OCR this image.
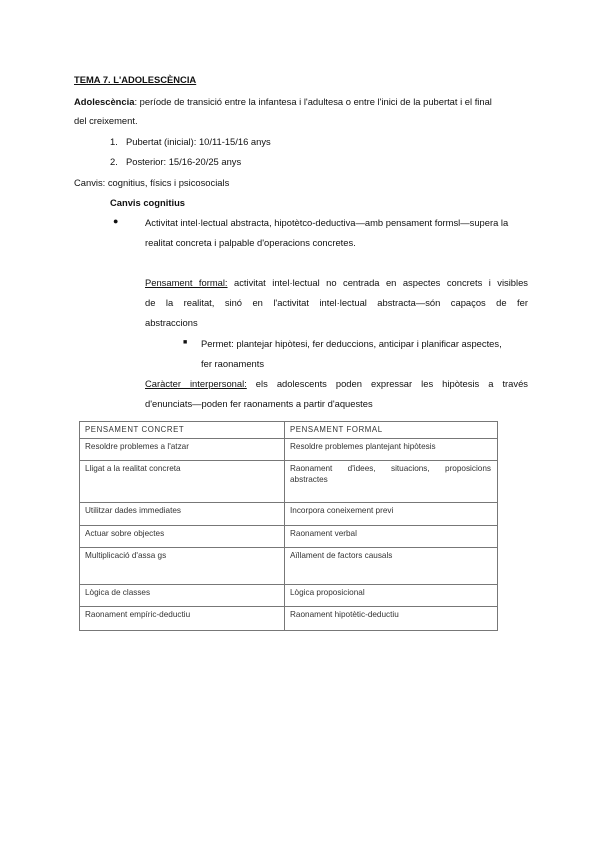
TEMA 7. L'ADOLESCÈNCIA
Adolescència: període de transició entre la infantesa i l'adultesa o entre l'inici de la pubertat i el final
del creixement.
1. Pubertat (inicial): 10/11-15/16 anys
2. Posterior: 15/16-20/25 anys
Canvis: cognitius, físics i psicosocials
Canvis cognitius
●	Activitat intel·lectual abstracta, hipotètco-deductiva—amb pensament formsl—supera la
realitat concreta i palpable d'operacions concretes.
Pensament formal: activitat intel·lectual no centrada en aspectes concrets i visibles
de la realitat, sinó en l'activitat intel·lectual abstracta—són capaços de fer
abstraccions
■ Permet: plantejar hipòtesi, fer deduccions, anticipar i planificar aspectes,
fer raonaments
Caràcter interpersonal: els adolescents poden expressar les hipòtesis a través
d'enunciats—poden fer raonaments a partir d'aquestes
PENSAMENT CONCRET	PENSAMENT FORMAL
Resoldre problemes a l'atzar	Resoldre problemes plantejant hipòtesis
Lligat a la realitat concreta	Raonament d'idees, situacions, proposicions abstractes
Utilitzar dades immediates	Incorpora coneixement previ
Actuar sobre objectes	Raonament verbal
Multiplicació d'assa gs	Aïllament de factors causals
Lògica de classes	Lògica proposicional
Raonament empíric-deductiu	Raonament hipotètic-deductiu
